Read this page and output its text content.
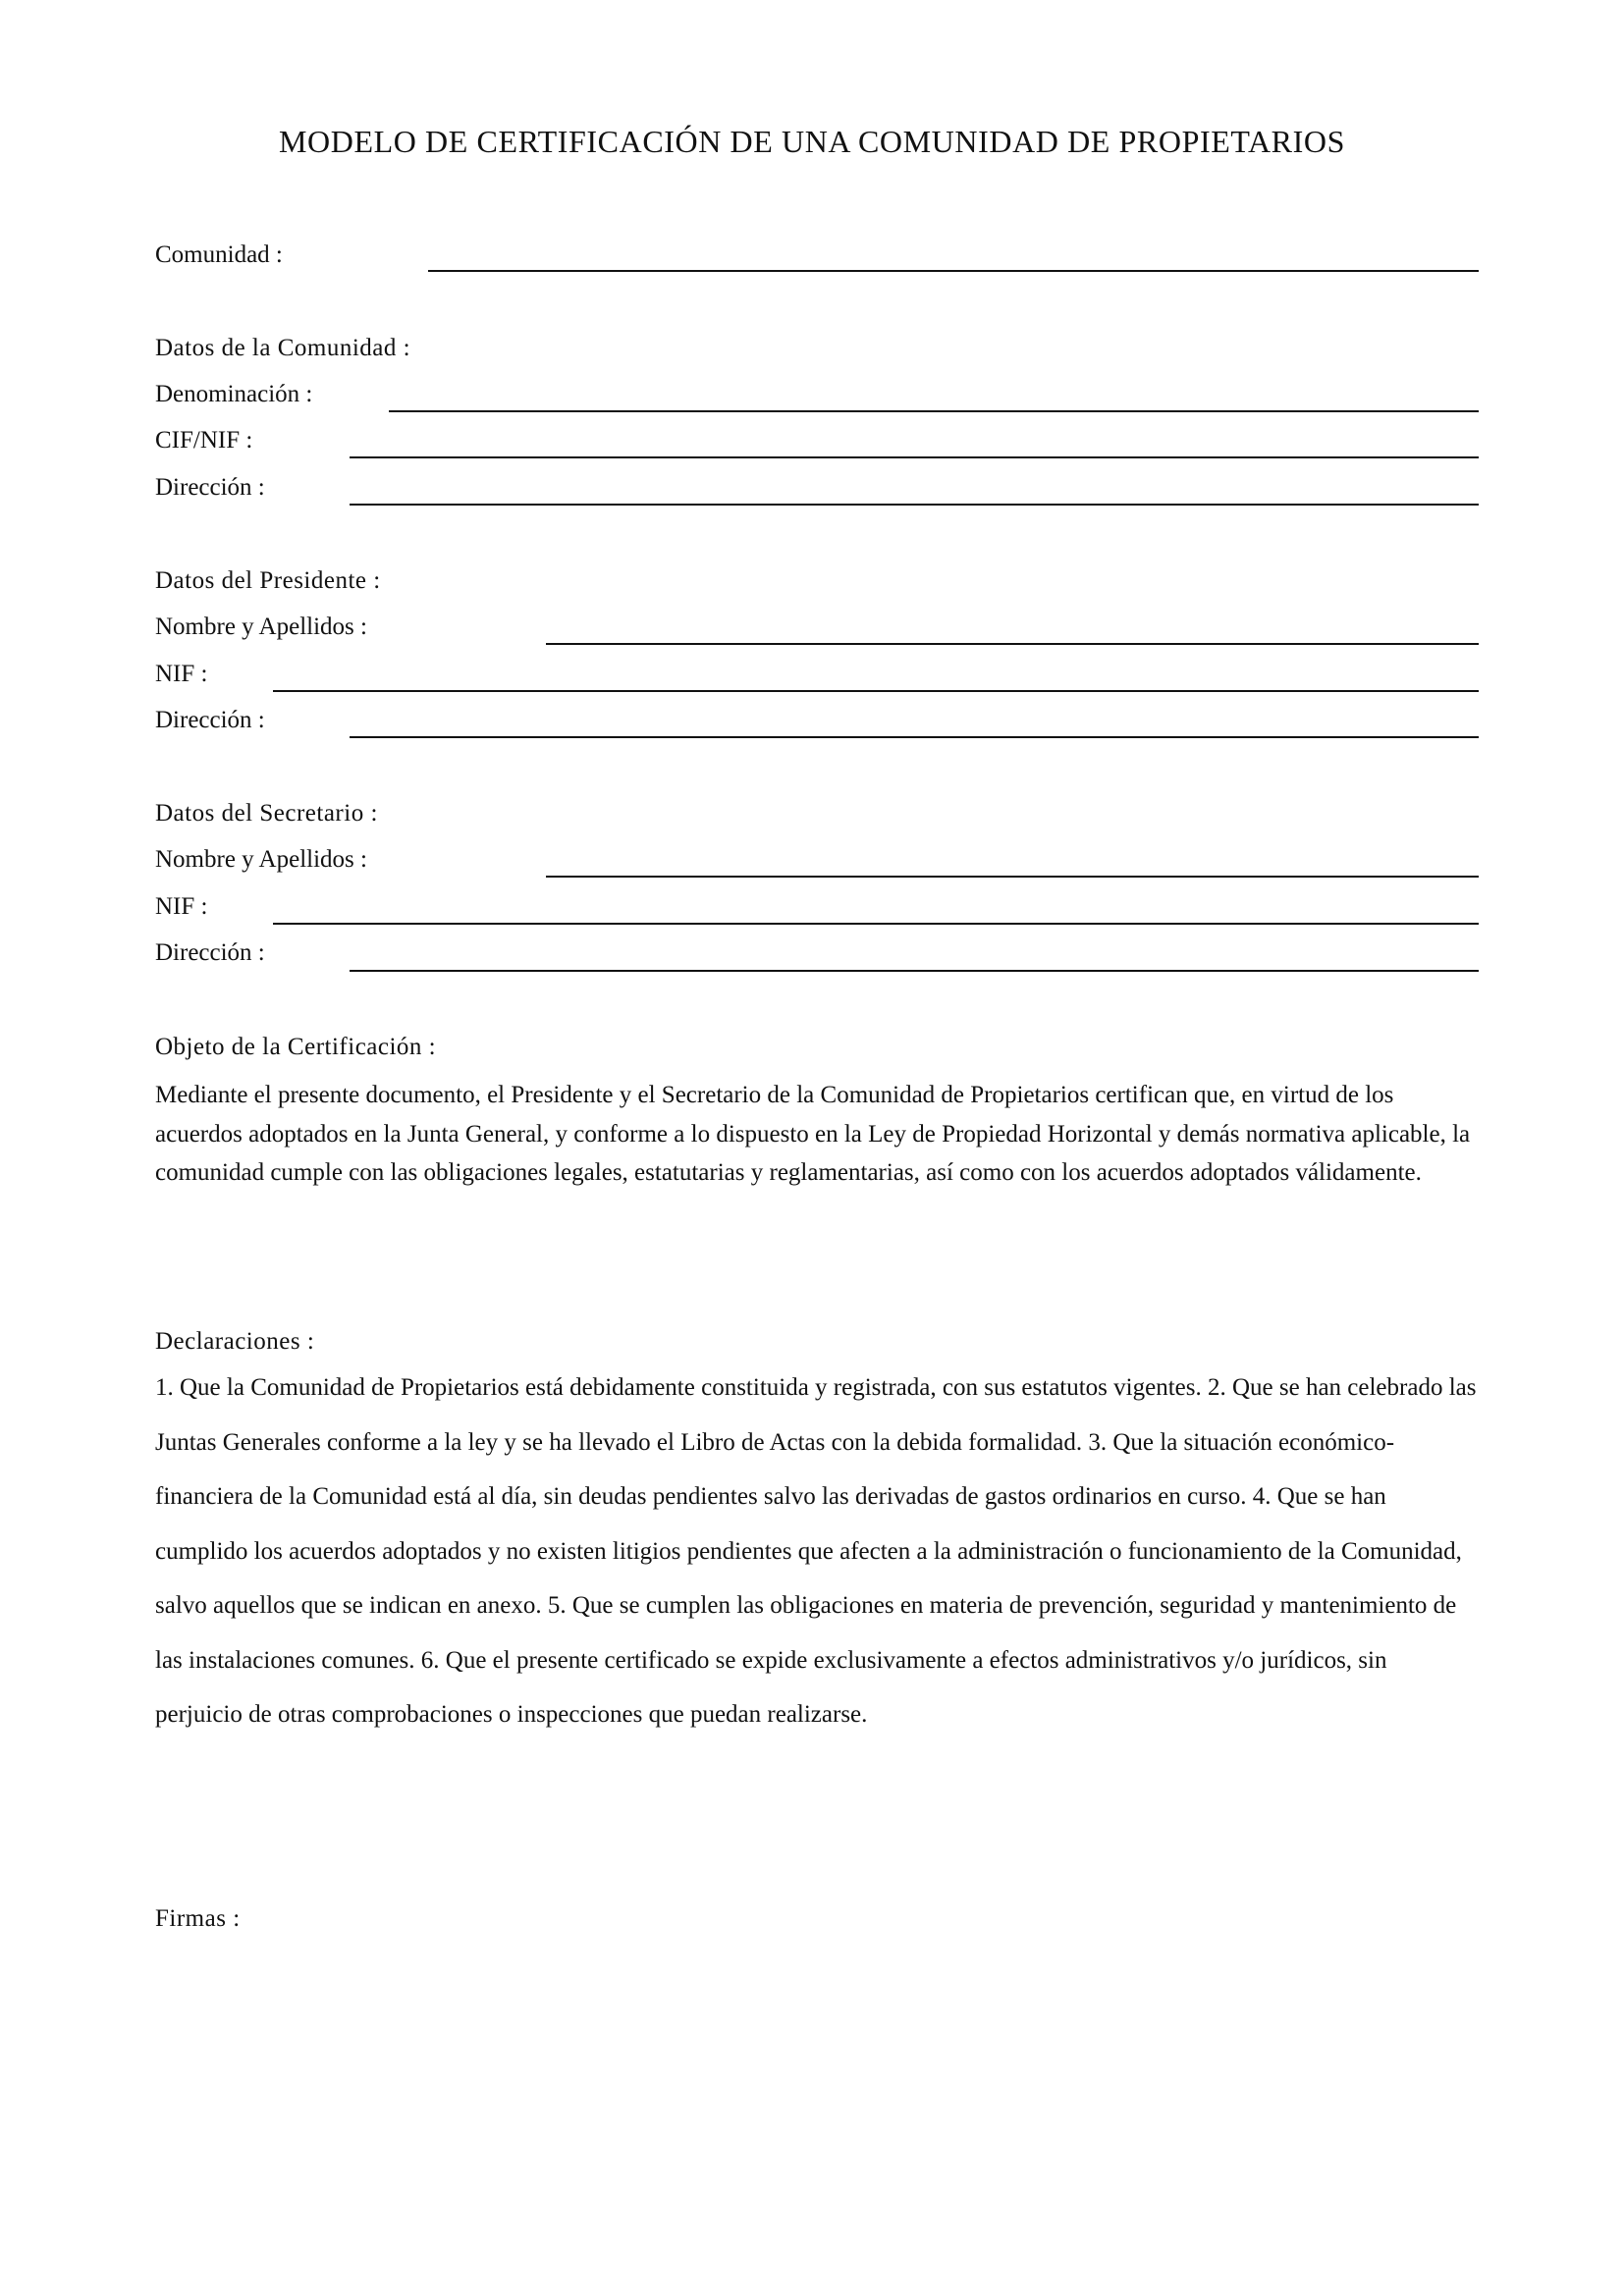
MODELO DE CERTIFICACIÓN DE UNA COMUNIDAD DE PROPIETARIOS
Comunidad :
Datos de la Comunidad :
Denominación :
CIF/NIF :
Dirección :
Datos del Presidente :
Nombre y Apellidos :
NIF :
Dirección :
Datos del Secretario :
Nombre y Apellidos :
NIF :
Dirección :
Objeto de la Certificación :

Mediante el presente documento, el Presidente y el Secretario de la Comunidad de Propietarios certifican que, en virtud de los acuerdos adoptados en la Junta General, y conforme a lo dispuesto en la Ley de Propiedad Horizontal y demás normativa aplicable, la comunidad cumple con las obligaciones legales, estatutarias y reglamentarias, así como con los acuerdos adoptados válidamente.

Declaraciones :

1. Que la Comunidad de Propietarios está debidamente constituida y registrada, con sus estatutos vigentes. 2. Que se han celebrado las Juntas Generales conforme a la ley y se ha llevado el Libro de Actas con la debida formalidad. 3. Que la situación económico-financiera de la Comunidad está al día, sin deudas pendientes salvo las derivadas de gastos ordinarios en curso. 4. Que se han cumplido los acuerdos adoptados y no existen litigios pendientes que afecten a la administración o funcionamiento de la Comunidad, salvo aquellos que se indican en anexo. 5. Que se cumplen las obligaciones en materia de prevención, seguridad y mantenimiento de las instalaciones comunes. 6. Que el presente certificado se expide exclusivamente a efectos administrativos y/o jurídicos, sin perjuicio de otras comprobaciones o inspecciones que puedan realizarse.

Firmas :
